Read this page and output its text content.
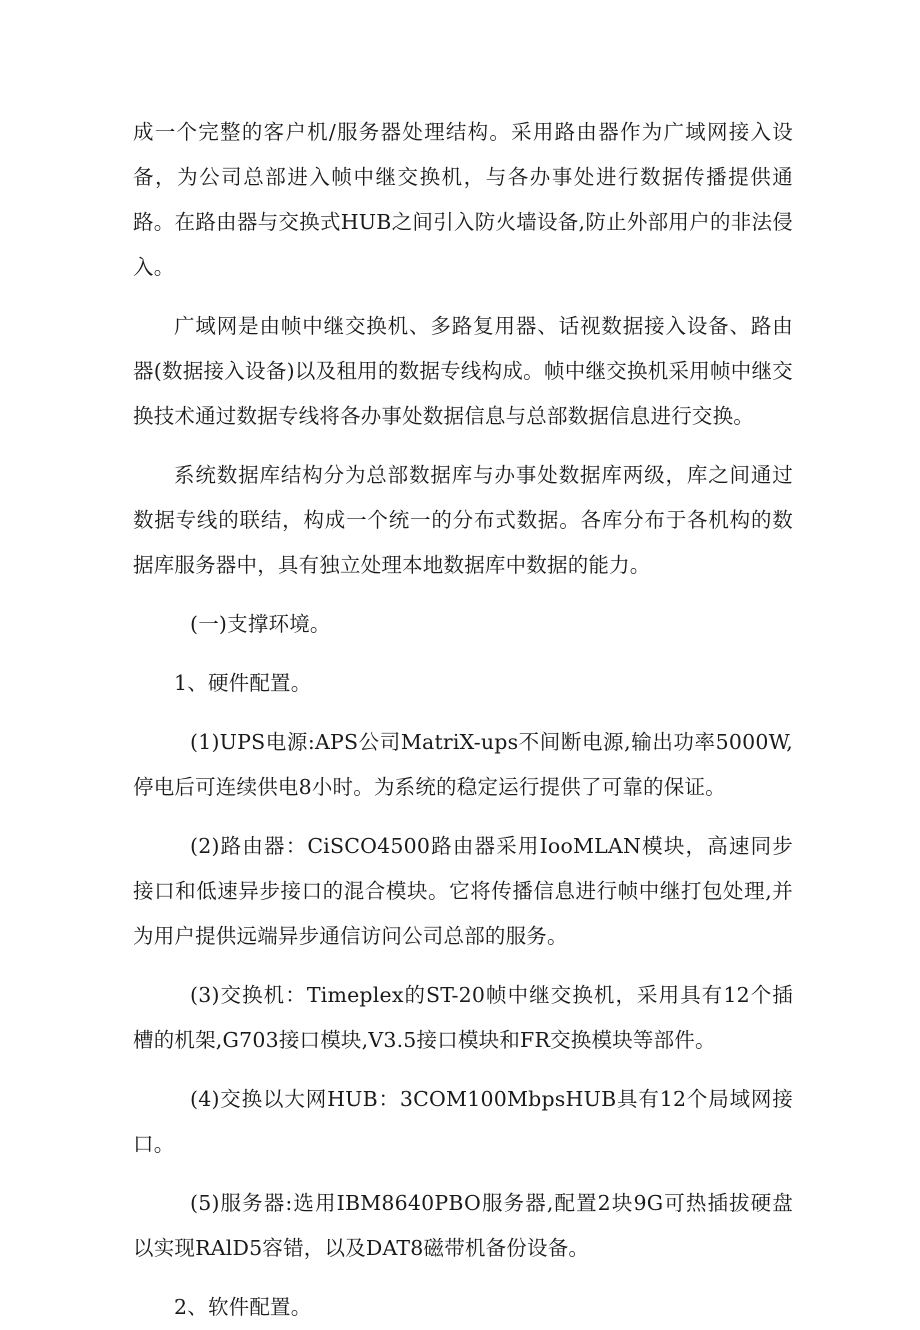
成一个完整的客户机/服务器处理结构。采用路由器作为广域网接入设备，为公司总部进入帧中继交换机，与各办事处进行数据传播提供通路。在路由器与交换式HUB之间引入防火墙设备,防止外部用户的非法侵入。

广域网是由帧中继交换机、多路复用器、话视数据接入设备、路由器(数据接入设备)以及租用的数据专线构成。帧中继交换机采用帧中继交换技术通过数据专线将各办事处数据信息与总部数据信息进行交换。

系统数据库结构分为总部数据库与办事处数据库两级，库之间通过数据专线的联结，构成一个统一的分布式数据。各库分布于各机构的数据库服务器中，具有独立处理本地数据库中数据的能力。

(一)支撑环境。

1、硬件配置。

(1)UPS电源:APS公司MatriX-ups不间断电源,输出功率5000W,停电后可连续供电8小时。为系统的稳定运行提供了可靠的保证。

(2)路由器：CiSCO4500路由器采用IooMLAN模块，高速同步接口和低速异步接口的混合模块。它将传播信息进行帧中继打包处理,并为用户提供远端异步通信访问公司总部的服务。

(3)交换机：Timeplex的ST-20帧中继交换机，采用具有12个插槽的机架,G703接口模块,V3.5接口模块和FR交换模块等部件。

(4)交换以大网HUB：3COM100MbpsHUB具有12个局域网接口。

(5)服务器:选用IBM8640PBO服务器,配置2块9G可热插拔硬盘以实现RAlD5容错，以及DAT8磁带机备份设备。

2、软件配置。
